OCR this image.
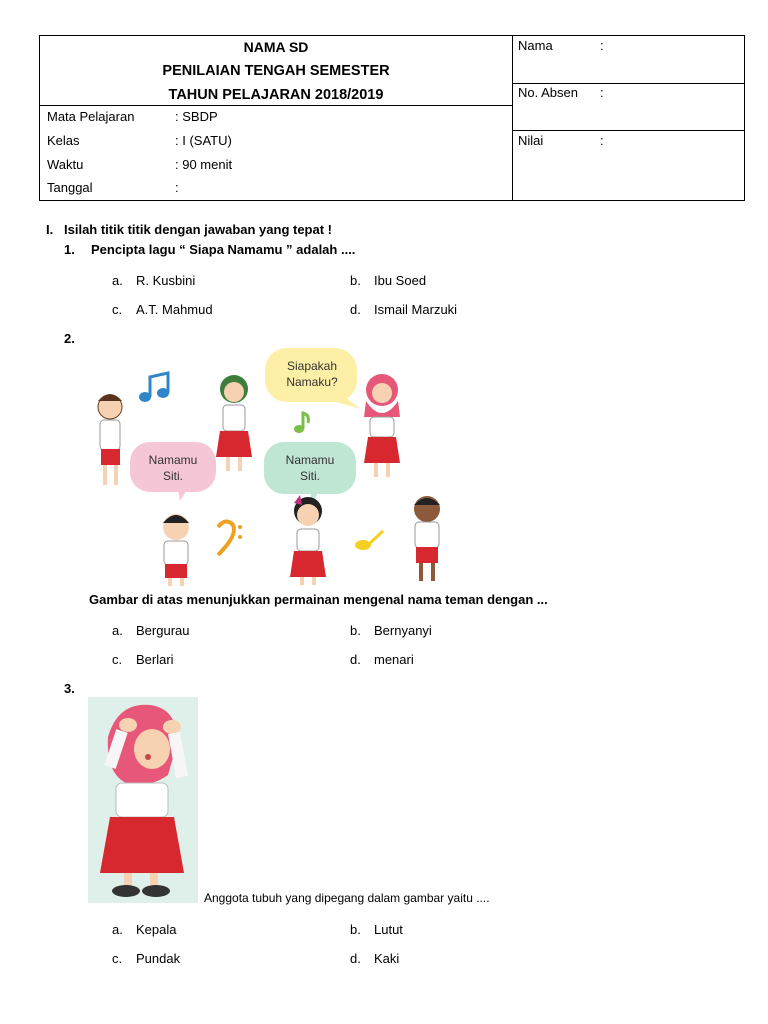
NAMA SD
PENILAIAN TENGAH SEMESTER
TAHUN PELAJARAN 2018/2019
Mata Pelajaran	: SBDP
Kelas	: I (SATU)
Waktu	: 90 menit
Tanggal	:
Nama	:
No. Absen :
Nilai	:
I. Isilah titik titik dengan jawaban yang tepat !
1. Pencipta lagu “ Siapa Namamu ” adalah ....
a. R. Kusbini	b. Ibu Soed
c. A.T. Mahmud	d. Ismail Marzuki
2.
Siapakah
Namaku?
Namamu
Siti.
Namamu
Siti.
Gambar di atas menunjukkan permainan mengenal nama teman dengan ...
a. Bergurau	b. Bernyanyi
c. Berlari	d. menari
3.
Anggota tubuh yang dipegang dalam gambar yaitu ....
a. Kepala	b. Lutut
c. Pundak	d. Kaki
